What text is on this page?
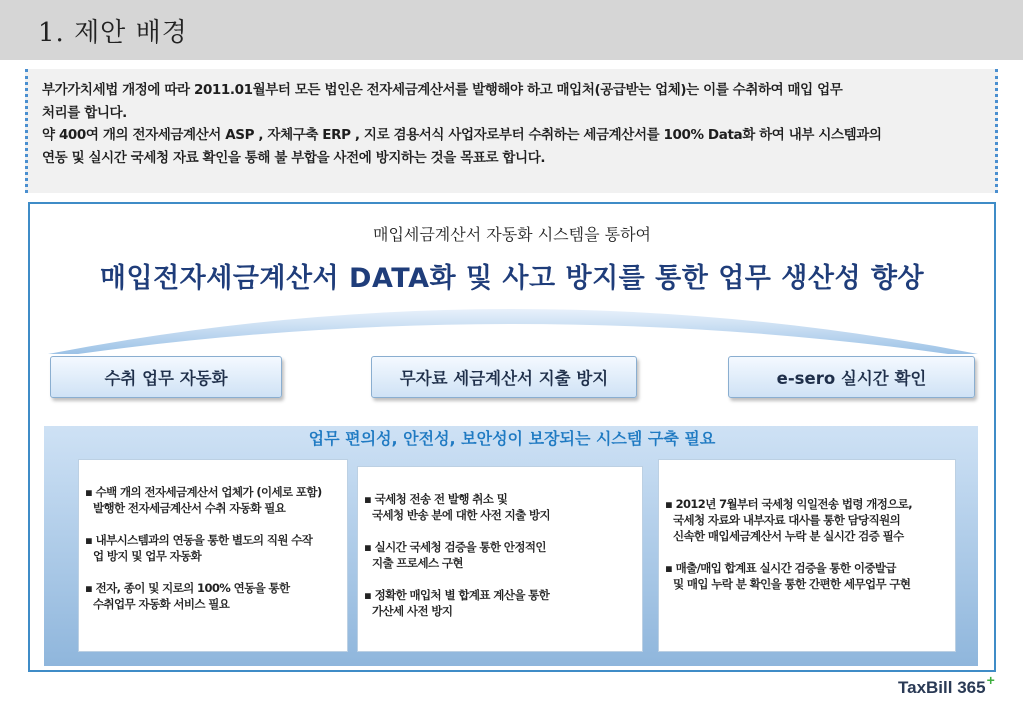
1. 제안 배경
부가가치세법 개정에 따라 2011.01월부터 모든 법인은 전자세금계산서를 발행해야 하고 매입처(공급받는 업체)는 이를 수취하여 매입 업무
처리를 합니다.
약 400여 개의 전자세금계산서 ASP , 자체구축 ERP , 지로 겸용서식 사업자로부터 수취하는 세금계산서를 100% Data화 하여 내부 시스템과의
연동 및 실시간 국세청 자료 확인을 통해 불 부합을 사전에 방지하는 것을 목표로 합니다.
매입세금계산서 자동화 시스템을 통하여
매입전자세금계산서 DATA화 및 사고 방지를 통한 업무 생산성 향상
수취 업무 자동화	무자료 세금계산서 지출 방지	e-sero 실시간 확인
업무 편의성, 안전성, 보안성이 보장되는 시스템 구축 필요
▪ 수백 개의 전자세금계산서 업체가 (이세로 포함)
발행한 전자세금계산서 수취 자동화 필요
▪ 내부시스템과의 연동을 통한 별도의 직원 수작
업 방지 및 업무 자동화
▪ 전자, 종이 및 지로의 100% 연동을 통한
수취업무 자동화 서비스 필요
▪ 국세청 전송 전 발행 취소 및
국세청 반송 분에 대한 사전 지출 방지
▪ 실시간 국세청 검증을 통한 안정적인
지출 프로세스 구현
▪ 정확한 매입처 별 합계표 계산을 통한
가산세 사전 방지
▪ 2012년 7월부터 국세청 익일전송 법령 개정으로,
국세청 자료와 내부자료 대사를 통한 담당직원의
신속한 매입세금계산서 누락 분 실시간 검증 필수
▪ 매출/매입 합계표 실시간 검증을 통한 이중발급
및 매입 누락 분 확인을 통한 간편한 세무업무 구현
TaxBill 365+
